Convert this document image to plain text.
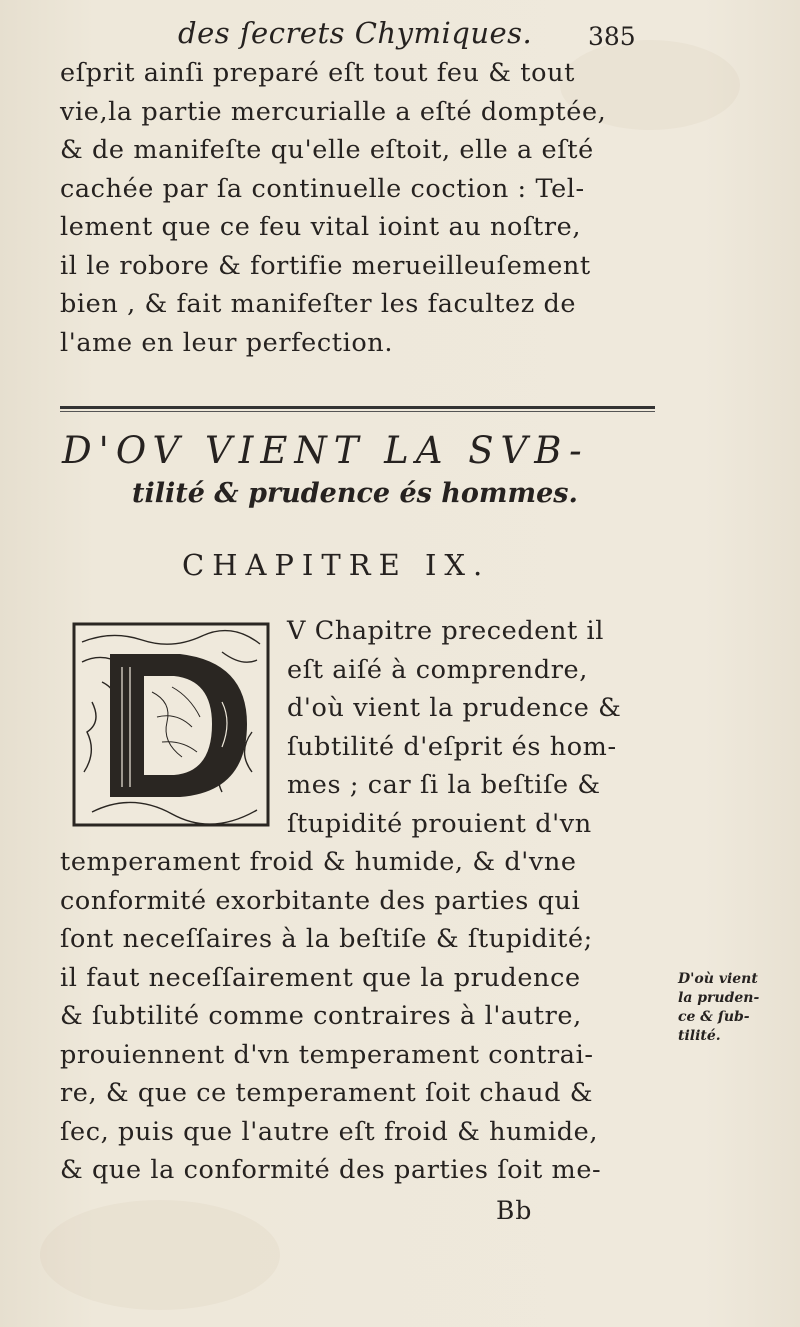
des ſecrets Chymiques. 385
eſprit ainſi preparé eſt tout feu & tout
vie,la partie mercurialle a eſté domptée,
& de manifeſte qu'elle eſtoit, elle a eſté
cachée par ſa continuelle coction : Tel-
lement que ce feu vital ioint au noſtre,
il le robore & fortifie merueilleuſement
bien , & fait manifeſter les facultez de
l'ame en leur perfection.
D'OV VIENT LA SVB-
tilité & prudence és hommes.
CHAPITRE IX.
V Chapitre precedent il
eſt aiſé à comprendre,
d'où vient la prudence &
ſubtilité d'eſprit és hom-
mes ; car ſi la beſtiſe &
ſtupidité prouient d'vn
temperament froid & humide, & d'vne
conformité exorbitante des parties qui
ſont neceſſaires à la beſtiſe & ſtupidité;
il faut neceſſairement que la prudence
& ſubtilité comme contraires à l'autre,
prouiennent d'vn temperament contrai-
re, & que ce temperament ſoit chaud &
ſec, puis que l'autre eſt froid & humide,
& que la conformité des parties ſoit me-
D'où vient
la pruden-
ce & ſub-
tilité.
Bb
